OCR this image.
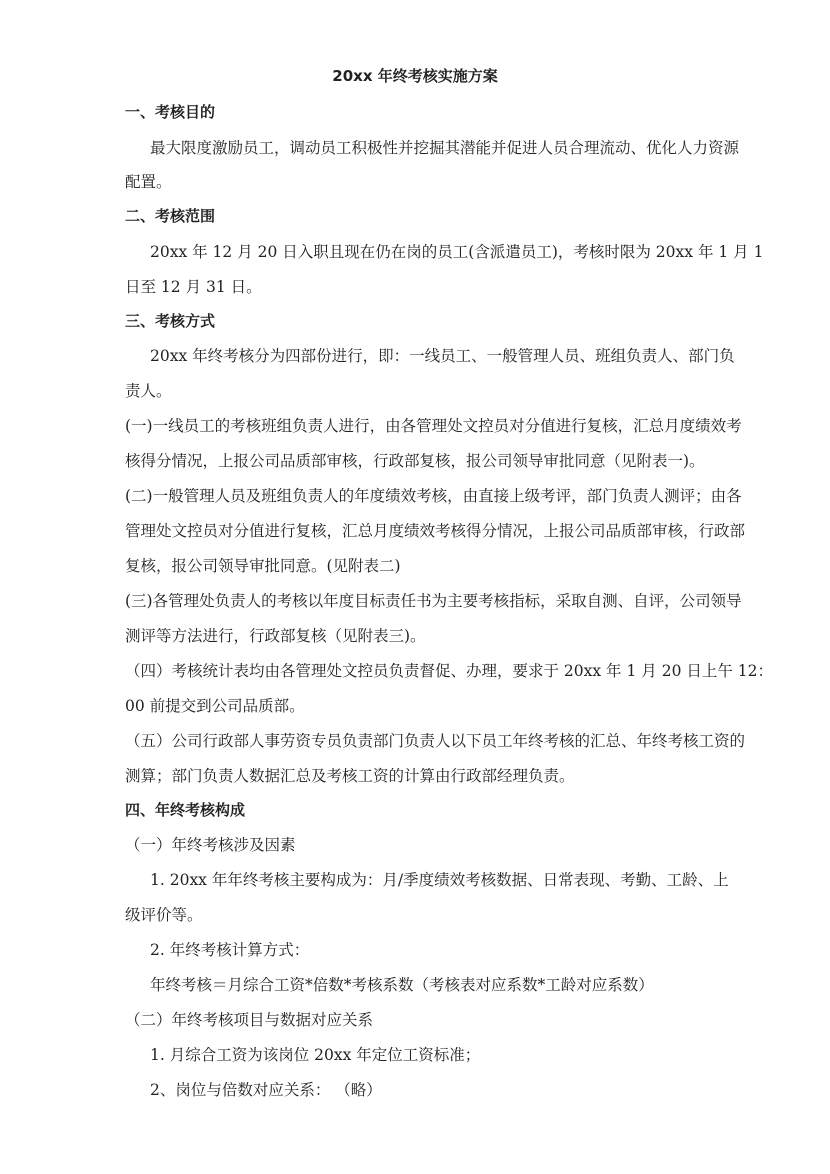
20xx 年终考核实施方案
一、考核目的
最大限度激励员工，调动员工积极性并挖掘其潜能并促进人员合理流动、优化人力资源
配置。
二、考核范围
20xx 年 12 月 20 日入职且现在仍在岗的员工(含派遣员工)，考核时限为 20xx 年 1 月 1
日至 12 月 31 日。
三、考核方式
20xx 年终考核分为四部份进行，即：一线员工、一般管理人员、班组负责人、部门负
责人。
(一)一线员工的考核班组负责人进行，由各管理处文控员对分值进行复核，汇总月度绩效考
核得分情况，上报公司品质部审核，行政部复核，报公司领导审批同意（见附表一)。
(二)一般管理人员及班组负责人的年度绩效考核，由直接上级考评，部门负责人测评；由各
管理处文控员对分值进行复核，汇总月度绩效考核得分情况，上报公司品质部审核，行政部
复核，报公司领导审批同意。(见附表二)
(三)各管理处负责人的考核以年度目标责任书为主要考核指标，采取自测、自评，公司领导
测评等方法进行，行政部复核（见附表三)。
（四）考核统计表均由各管理处文控员负责督促、办理，要求于 20xx 年 1 月 20 日上午 12：
00 前提交到公司品质部。
（五）公司行政部人事劳资专员负责部门负责人以下员工年终考核的汇总、年终考核工资的
测算；部门负责人数据汇总及考核工资的计算由行政部经理负责。
四、年终考核构成
（一）年终考核涉及因素
1. 20xx 年年终考核主要构成为：月/季度绩效考核数据、日常表现、考勤、工龄、上
级评价等。
2. 年终考核计算方式：
年终考核＝月综合工资*倍数*考核系数（考核表对应系数*工龄对应系数）
（二）年终考核项目与数据对应关系
1. 月综合工资为该岗位 20xx 年定位工资标准；
2、岗位与倍数对应关系： （略）
